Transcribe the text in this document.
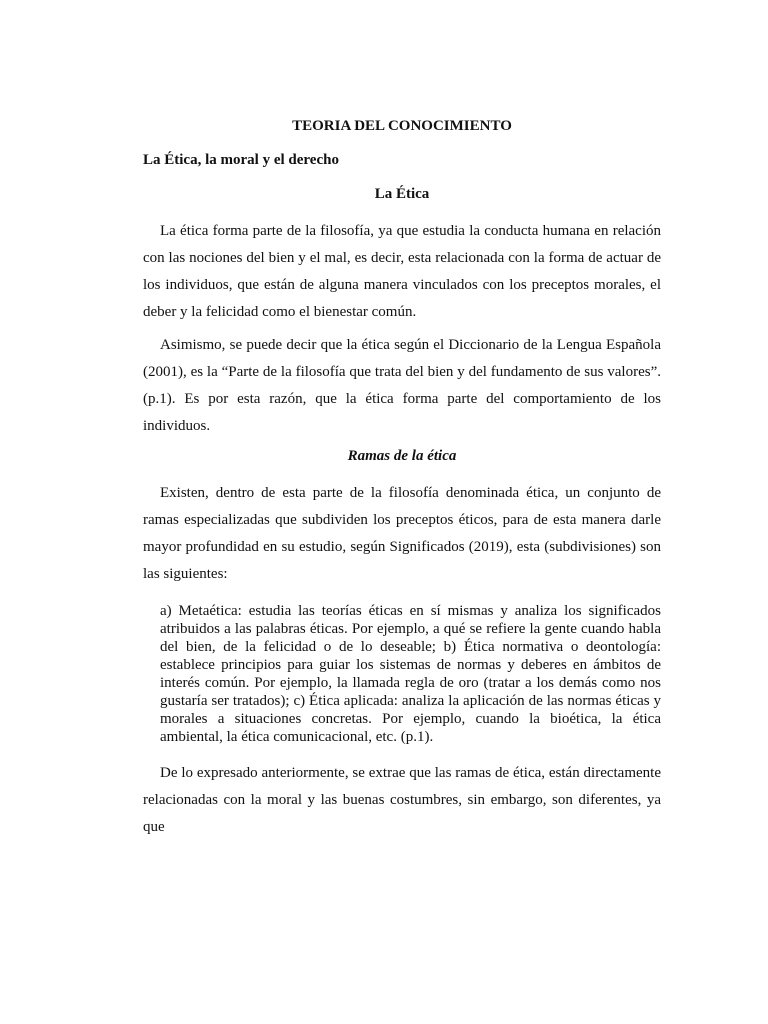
TEORIA DEL CONOCIMIENTO
La Ética, la moral y el derecho
La Ética

La ética forma parte de la filosofía, ya que estudia la conducta humana en relación con las nociones del bien y el mal, es decir, esta relacionada con la forma de actuar de los individuos, que están de alguna manera vinculados con los preceptos morales, el deber y la felicidad como el bienestar común.

Asimismo, se puede decir que la ética según el Diccionario de la Lengua Española (2001), es la “Parte de la filosofía que trata del bien y del fundamento de sus valores”. (p.1). Es por esta razón, que la ética forma parte del comportamiento de los individuos.

Ramas de la ética

Existen, dentro de esta parte de la filosofía denominada ética, un conjunto de ramas especializadas que subdividen los preceptos éticos, para de esta manera darle mayor profundidad en su estudio, según Significados (2019), esta (subdivisiones) son las siguientes:

a) Metaética: estudia las teorías éticas en sí mismas y analiza los significados atribuidos a las palabras éticas. Por ejemplo, a qué se refiere la gente cuando habla del bien, de la felicidad o de lo deseable; b) Ética normativa o deontología: establece principios para guiar los sistemas de normas y deberes en ámbitos de interés común. Por ejemplo, la llamada regla de oro (tratar a los demás como nos gustaría ser tratados); c) Ética aplicada: analiza la aplicación de las normas éticas y morales a situaciones concretas. Por ejemplo, cuando la bioética, la ética ambiental, la ética comunicacional, etc. (p.1).

De lo expresado anteriormente, se extrae que las ramas de ética, están directamente relacionadas con la moral y las buenas costumbres, sin embargo, son diferentes, ya que
